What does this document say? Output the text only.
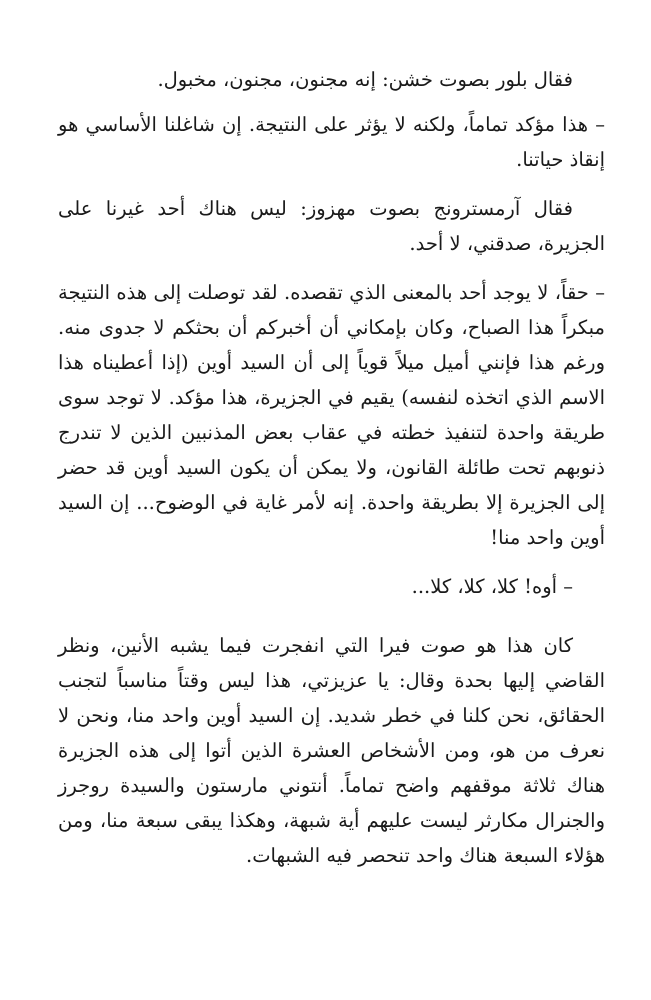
فقال بلور بصوت خشن: إنه مجنون، مجنون، مخبول.

– هذا مؤكد تماماً، ولكنه لا يؤثر على النتيجة. إن شاغلنا الأساسي هو إنقاذ حياتنا.

فقال آرمسترونج بصوت مهزوز: ليس هناك أحد غيرنا على الجزيرة، صدقني، لا أحد.

– حقاً، لا يوجد أحد بالمعنى الذي تقصده. لقد توصلت إلى هذه النتيجة مبكراً هذا الصباح، وكان بإمكاني أن أخبركم أن بحثكم لا جدوى منه. ورغم هذا فإنني أميل ميلاً قوياً إلى أن السيد أوين (إذا أعطيناه هذا الاسم الذي اتخذه لنفسه) يقيم في الجزيرة، هذا مؤكد. لا توجد سوى طريقة واحدة لتنفيذ خطته في عقاب بعض المذنبين الذين لا تندرج ذنوبهم تحت طائلة القانون، ولا يمكن أن يكون السيد أوين قد حضر إلى الجزيرة إلا بطريقة واحدة. إنه لأمر غاية في الوضوح... إن السيد أوين واحد منا!

– أوه! كلا، كلا، كلا...

كان هذا هو صوت فيرا التي انفجرت فيما يشبه الأنين، ونظر القاضي إليها بحدة وقال: يا عزيزتي، هذا ليس وقتاً مناسباً لتجنب الحقائق، نحن كلنا في خطر شديد. إن السيد أوين واحد منا، ونحن لا نعرف من هو، ومن الأشخاص العشرة الذين أتوا إلى هذه الجزيرة هناك ثلاثة موقفهم واضح تماماً. أنتوني مارستون والسيدة روجرز والجنرال مكارثر ليست عليهم أية شبهة، وهكذا يبقى سبعة منا، ومن هؤلاء السبعة هناك واحد تنحصر فيه الشبهات.
